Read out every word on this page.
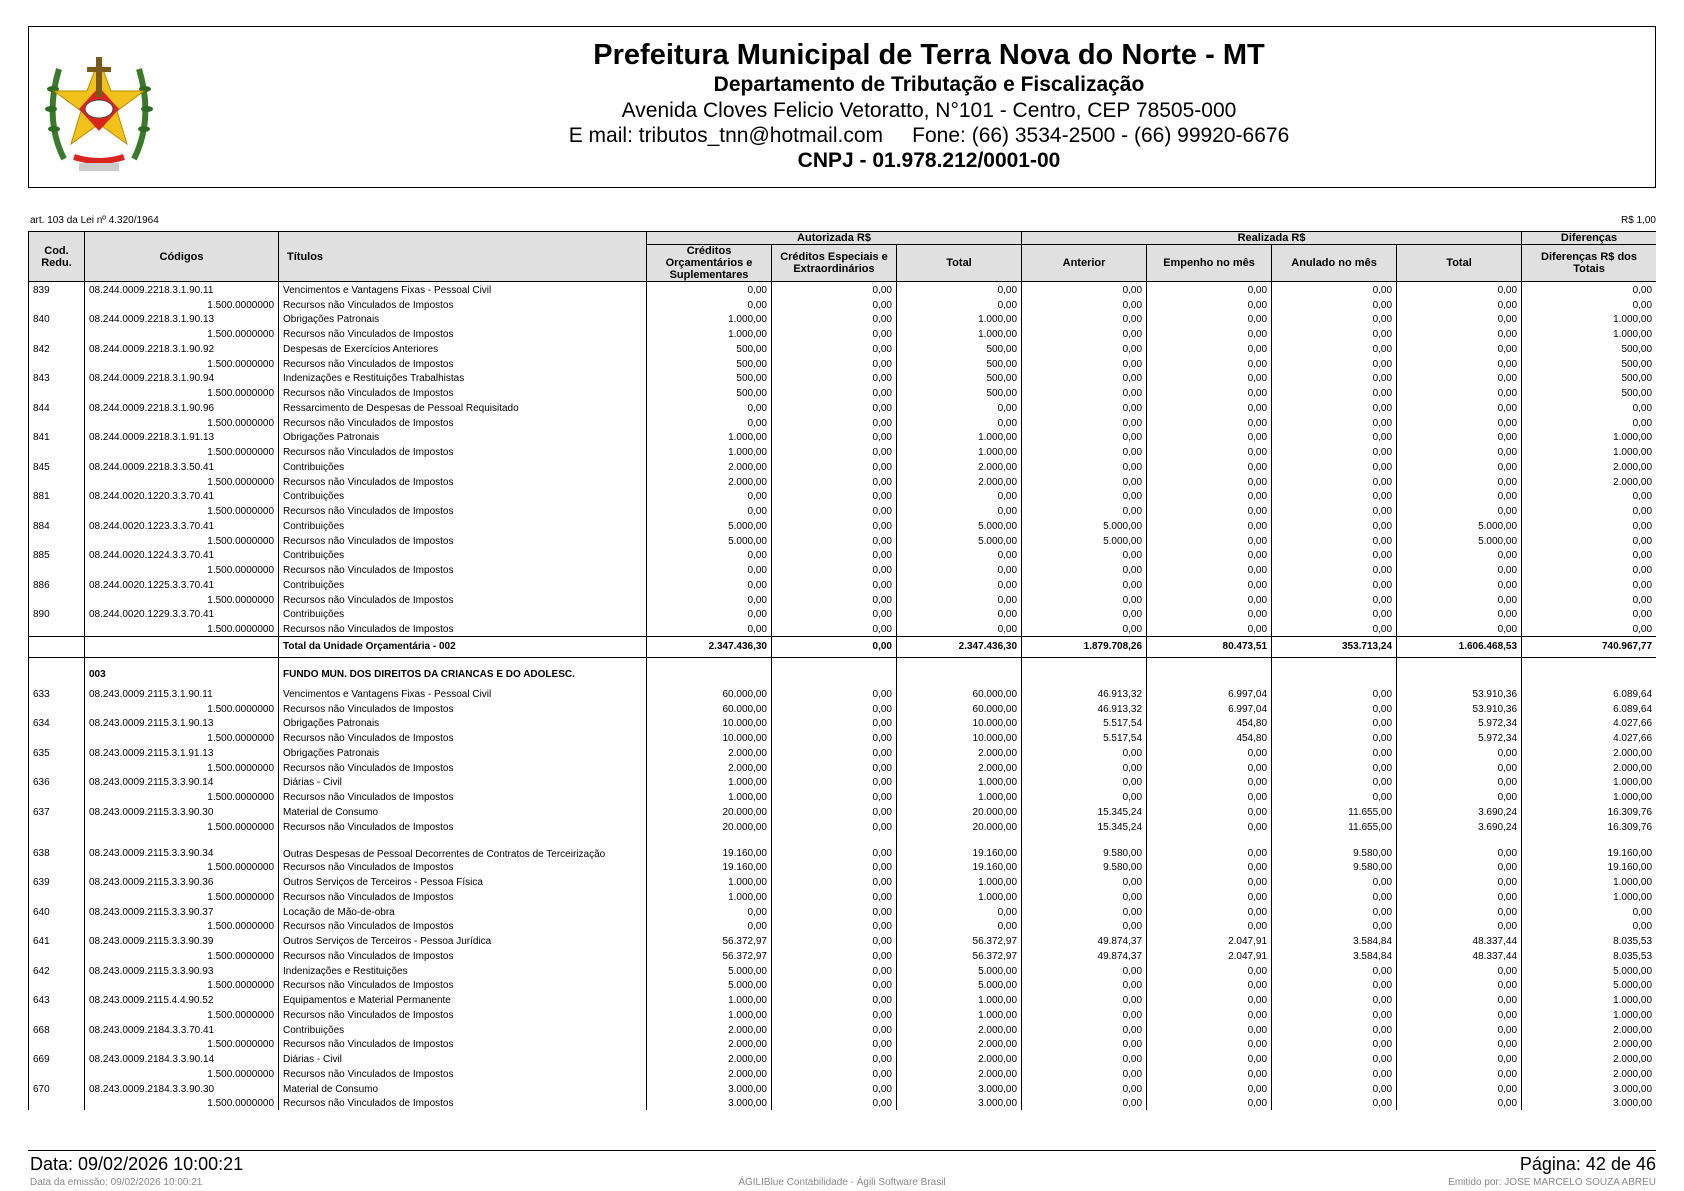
Prefeitura Municipal de Terra Nova do Norte - MT
Departamento de Tributação e Fiscalização
Avenida Cloves Felicio Vetoratto, N°101 - Centro, CEP 78505-000
E mail: tributos_tnn@hotmail.com     Fone: (66) 3534-2500 - (66) 99920-6676
CNPJ - 01.978.212/0001-00
art. 103 da Lei nº 4.320/1964	R$ 1,00
Cod. Redu.	Códigos	Títulos	Autorizada R$			Realizada R$				Diferenças
			Créditos Orçamentários e Suplementares	Créditos Especiais e Extraordinários	Total	Anterior	Empenho no mês	Anulado no mês	Total	Diferenças R$ dos Totais
839	08.244.0009.2218.3.1.90.11	Vencimentos e Vantagens Fixas - Pessoal Civil	0,00	0,00	0,00	0,00	0,00	0,00	0,00	0,00
	1.500.0000000	Recursos não Vinculados de Impostos	0,00	0,00	0,00	0,00	0,00	0,00	0,00	0,00
840	08.244.0009.2218.3.1.90.13	Obrigações Patronais	1.000,00	0,00	1.000,00	0,00	0,00	0,00	0,00	1.000,00
	1.500.0000000	Recursos não Vinculados de Impostos	1.000,00	0,00	1.000,00	0,00	0,00	0,00	0,00	1.000,00
842	08.244.0009.2218.3.1.90.92	Despesas de Exercícios Anteriores	500,00	0,00	500,00	0,00	0,00	0,00	0,00	500,00
	1.500.0000000	Recursos não Vinculados de Impostos	500,00	0,00	500,00	0,00	0,00	0,00	0,00	500,00
843	08.244.0009.2218.3.1.90.94	Indenizações e Restituições Trabalhistas	500,00	0,00	500,00	0,00	0,00	0,00	0,00	500,00
	1.500.0000000	Recursos não Vinculados de Impostos	500,00	0,00	500,00	0,00	0,00	0,00	0,00	500,00
844	08.244.0009.2218.3.1.90.96	Ressarcimento de Despesas de Pessoal Requisitado	0,00	0,00	0,00	0,00	0,00	0,00	0,00	0,00
	1.500.0000000	Recursos não Vinculados de Impostos	0,00	0,00	0,00	0,00	0,00	0,00	0,00	0,00
841	08.244.0009.2218.3.1.91.13	Obrigações Patronais	1.000,00	0,00	1.000,00	0,00	0,00	0,00	0,00	1.000,00
	1.500.0000000	Recursos não Vinculados de Impostos	1.000,00	0,00	1.000,00	0,00	0,00	0,00	0,00	1.000,00
845	08.244.0009.2218.3.3.50.41	Contribuições	2.000,00	0,00	2.000,00	0,00	0,00	0,00	0,00	2.000,00
	1.500.0000000	Recursos não Vinculados de Impostos	2.000,00	0,00	2.000,00	0,00	0,00	0,00	0,00	2.000,00
881	08.244.0020.1220.3.3.70.41	Contribuições	0,00	0,00	0,00	0,00	0,00	0,00	0,00	0,00
	1.500.0000000	Recursos não Vinculados de Impostos	0,00	0,00	0,00	0,00	0,00	0,00	0,00	0,00
884	08.244.0020.1223.3.3.70.41	Contribuições	5.000,00	0,00	5.000,00	5.000,00	0,00	0,00	5.000,00	0,00
	1.500.0000000	Recursos não Vinculados de Impostos	5.000,00	0,00	5.000,00	5.000,00	0,00	0,00	5.000,00	0,00
885	08.244.0020.1224.3.3.70.41	Contribuições	0,00	0,00	0,00	0,00	0,00	0,00	0,00	0,00
	1.500.0000000	Recursos não Vinculados de Impostos	0,00	0,00	0,00	0,00	0,00	0,00	0,00	0,00
886	08.244.0020.1225.3.3.70.41	Contribuições	0,00	0,00	0,00	0,00	0,00	0,00	0,00	0,00
	1.500.0000000	Recursos não Vinculados de Impostos	0,00	0,00	0,00	0,00	0,00	0,00	0,00	0,00
890	08.244.0020.1229.3.3.70.41	Contribuições	0,00	0,00	0,00	0,00	0,00	0,00	0,00	0,00
	1.500.0000000	Recursos não Vinculados de Impostos	0,00	0,00	0,00	0,00	0,00	0,00	0,00	0,00
		Total da Unidade Orçamentária - 002	2.347.436,30	0,00	2.347.436,30	1.879.708,26	80.473,51	353.713,24	1.606.468,53	740.967,77

	003	FUNDO MUN. DOS DIREITOS DA CRIANCAS E DO ADOLESC.								
633	08.243.0009.2115.3.1.90.11	Vencimentos e Vantagens Fixas - Pessoal Civil	60.000,00	0,00	60.000,00	46.913,32	6.997,04	0,00	53.910,36	6.089,64
	1.500.0000000	Recursos não Vinculados de Impostos	60.000,00	0,00	60.000,00	46.913,32	6.997,04	0,00	53.910,36	6.089,64
634	08.243.0009.2115.3.1.90.13	Obrigações Patronais	10.000,00	0,00	10.000,00	5.517,54	454,80	0,00	5.972,34	4.027,66
	1.500.0000000	Recursos não Vinculados de Impostos	10.000,00	0,00	10.000,00	5.517,54	454,80	0,00	5.972,34	4.027,66
635	08.243.0009.2115.3.1.91.13	Obrigações Patronais	2.000,00	0,00	2.000,00	0,00	0,00	0,00	0,00	2.000,00
	1.500.0000000	Recursos não Vinculados de Impostos	2.000,00	0,00	2.000,00	0,00	0,00	0,00	0,00	2.000,00
636	08.243.0009.2115.3.3.90.14	Diárias - Civil	1.000,00	0,00	1.000,00	0,00	0,00	0,00	0,00	1.000,00
	1.500.0000000	Recursos não Vinculados de Impostos	1.000,00	0,00	1.000,00	0,00	0,00	0,00	0,00	1.000,00
637	08.243.0009.2115.3.3.90.30	Material de Consumo	20.000,00	0,00	20.000,00	15.345,24	0,00	11.655,00	3.690,24	16.309,76
	1.500.0000000	Recursos não Vinculados de Impostos	20.000,00	0,00	20.000,00	15.345,24	0,00	11.655,00	3.690,24	16.309,76
638	08.243.0009.2115.3.3.90.34	Outras Despesas de Pessoal Decorrentes de Contratos de Terceirização	19.160,00	0,00	19.160,00	9.580,00	0,00	9.580,00	0,00	19.160,00
	1.500.0000000	Recursos não Vinculados de Impostos	19.160,00	0,00	19.160,00	9.580,00	0,00	9.580,00	0,00	19.160,00
639	08.243.0009.2115.3.3.90.36	Outros Serviços de Terceiros - Pessoa Física	1.000,00	0,00	1.000,00	0,00	0,00	0,00	0,00	1.000,00
	1.500.0000000	Recursos não Vinculados de Impostos	1.000,00	0,00	1.000,00	0,00	0,00	0,00	0,00	1.000,00
640	08.243.0009.2115.3.3.90.37	Locação de Mão-de-obra	0,00	0,00	0,00	0,00	0,00	0,00	0,00	0,00
	1.500.0000000	Recursos não Vinculados de Impostos	0,00	0,00	0,00	0,00	0,00	0,00	0,00	0,00
641	08.243.0009.2115.3.3.90.39	Outros Serviços de Terceiros - Pessoa Jurídica	56.372,97	0,00	56.372,97	49.874,37	2.047,91	3.584,84	48.337,44	8.035,53
	1.500.0000000	Recursos não Vinculados de Impostos	56.372,97	0,00	56.372,97	49.874,37	2.047,91	3.584,84	48.337,44	8.035,53
642	08.243.0009.2115.3.3.90.93	Indenizações e Restituições	5.000,00	0,00	5.000,00	0,00	0,00	0,00	0,00	5.000,00
	1.500.0000000	Recursos não Vinculados de Impostos	5.000,00	0,00	5.000,00	0,00	0,00	0,00	0,00	5.000,00
643	08.243.0009.2115.4.4.90.52	Equipamentos e Material Permanente	1.000,00	0,00	1.000,00	0,00	0,00	0,00	0,00	1.000,00
	1.500.0000000	Recursos não Vinculados de Impostos	1.000,00	0,00	1.000,00	0,00	0,00	0,00	0,00	1.000,00
668	08.243.0009.2184.3.3.70.41	Contribuições	2.000,00	0,00	2.000,00	0,00	0,00	0,00	0,00	2.000,00
	1.500.0000000	Recursos não Vinculados de Impostos	2.000,00	0,00	2.000,00	0,00	0,00	0,00	0,00	2.000,00
669	08.243.0009.2184.3.3.90.14	Diárias - Civil	2.000,00	0,00	2.000,00	0,00	0,00	0,00	0,00	2.000,00
	1.500.0000000	Recursos não Vinculados de Impostos	2.000,00	0,00	2.000,00	0,00	0,00	0,00	0,00	2.000,00
670	08.243.0009.2184.3.3.90.30	Material de Consumo	3.000,00	0,00	3.000,00	0,00	0,00	0,00	0,00	3.000,00
	1.500.0000000	Recursos não Vinculados de Impostos	3.000,00	0,00	3.000,00	0,00	0,00	0,00	0,00	3.000,00
Data: 09/02/2026 10:00:21	Página: 42 de 46
Data da emissão: 09/02/2026 10:00:21	ÁGILIBlue Contabilidade - Ágili Software Brasil	Emitido por: JOSE MARCELO SOUZA ABREU
